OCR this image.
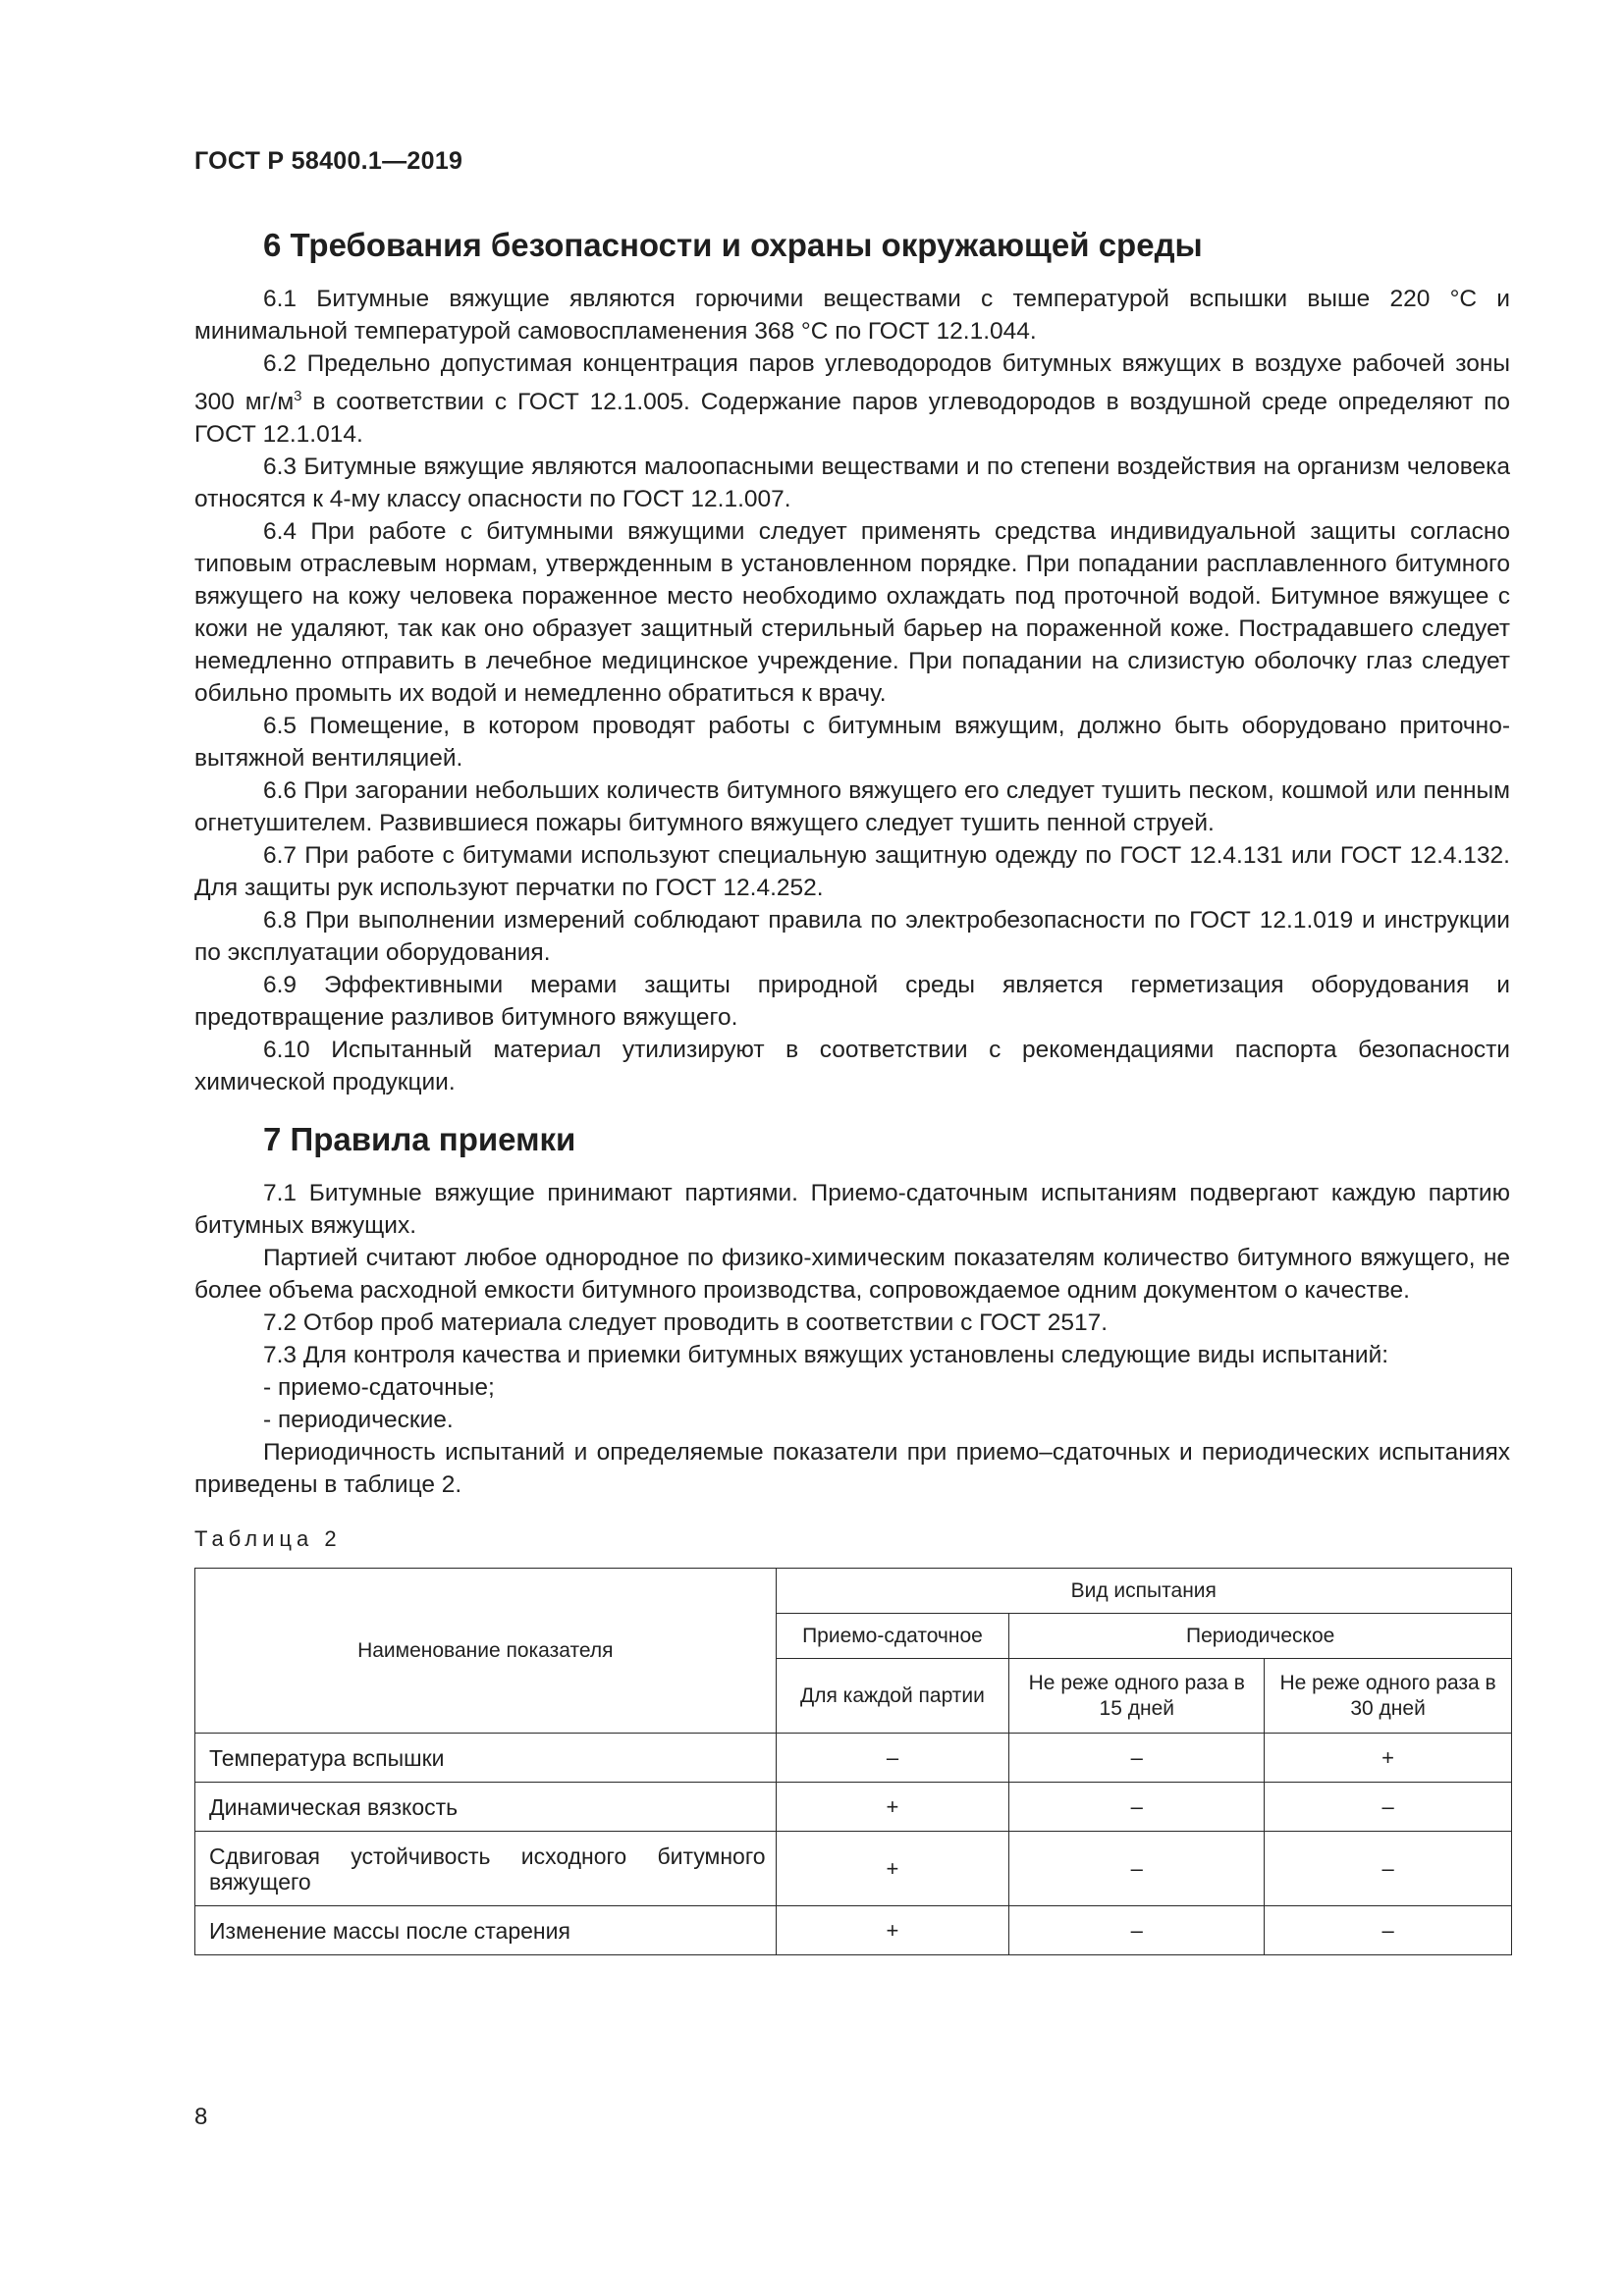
ГОСТ Р 58400.1—2019
6 Требования безопасности и охраны окружающей среды

6.1 Битумные вяжущие являются горючими веществами с температурой вспышки выше 220 °С и минимальной температурой самовоспламенения 368 °С по ГОСТ 12.1.044.

6.2 Предельно допустимая концентрация паров углеводородов битумных вяжущих в воздухе рабочей зоны 300 $мг/м^3$ в соответствии с ГОСТ 12.1.005. Содержание паров углеводородов в воздушной среде определяют по ГОСТ 12.1.014.

6.3 Битумные вяжущие являются малоопасными веществами и по степени воздействия на организм человека относятся к 4-му классу опасности по ГОСТ 12.1.007.

6.4 При работе с битумными вяжущими следует применять средства индивидуальной защиты согласно типовым отраслевым нормам, утвержденным в установленном порядке. При попадании расплавленного битумного вяжущего на кожу человека пораженное место необходимо охлаждать под проточной водой. Битумное вяжущее с кожи не удаляют, так как оно образует защитный стерильный барьер на пораженной коже. Пострадавшего следует немедленно отправить в лечебное медицинское учреждение. При попадании на слизистую оболочку глаз следует обильно промыть их водой и немедленно обратиться к врачу.

6.5 Помещение, в котором проводят работы с битумным вяжущим, должно быть оборудовано приточно-вытяжной вентиляцией.

6.6 При загорании небольших количеств битумного вяжущего его следует тушить песком, кошмой или пенным огнетушителем. Развившиеся пожары битумного вяжущего следует тушить пенной струей.

6.7 При работе с битумами используют специальную защитную одежду по ГОСТ 12.4.131 или ГОСТ 12.4.132. Для защиты рук используют перчатки по ГОСТ 12.4.252.

6.8 При выполнении измерений соблюдают правила по электробезопасности по ГОСТ 12.1.019 и инструкции по эксплуатации оборудования.

6.9 Эффективными мерами защиты природной среды является герметизация оборудования и предотвращение разливов битумного вяжущего.

6.10 Испытанный материал утилизируют в соответствии с рекомендациями паспорта безопасности химической продукции.

7 Правила приемки

7.1 Битумные вяжущие принимают партиями. Приемо-сдаточным испытаниям подвергают каждую партию битумных вяжущих.

Партией считают любое однородное по физико-химическим показателям количество битумного вяжущего, не более объема расходной емкости битумного производства, сопровождаемое одним документом о качестве.

7.2 Отбор проб материала следует проводить в соответствии с ГОСТ 2517.

7.3 Для контроля качества и приемки битумных вяжущих установлены следующие виды испытаний:

- приемо-сдаточные;

- периодические.

Периодичность испытаний и определяемые показатели при приемо–сдаточных и периодических испытаниях приведены в таблице 2.

Таблица 2

Наименование показателя	Вид испытания		
	Приемо-сдаточное	Периодическое	
	Для каждой партии	Не реже одного раза в 15 дней	Не реже одного раза в 30 дней
Температура вспышки	–	–	+
Динамическая вязкость	+	–	–
Сдвиговая устойчивость исходного битумного вяжущего	+	–	–
Изменение массы после старения	+	–	–
8
